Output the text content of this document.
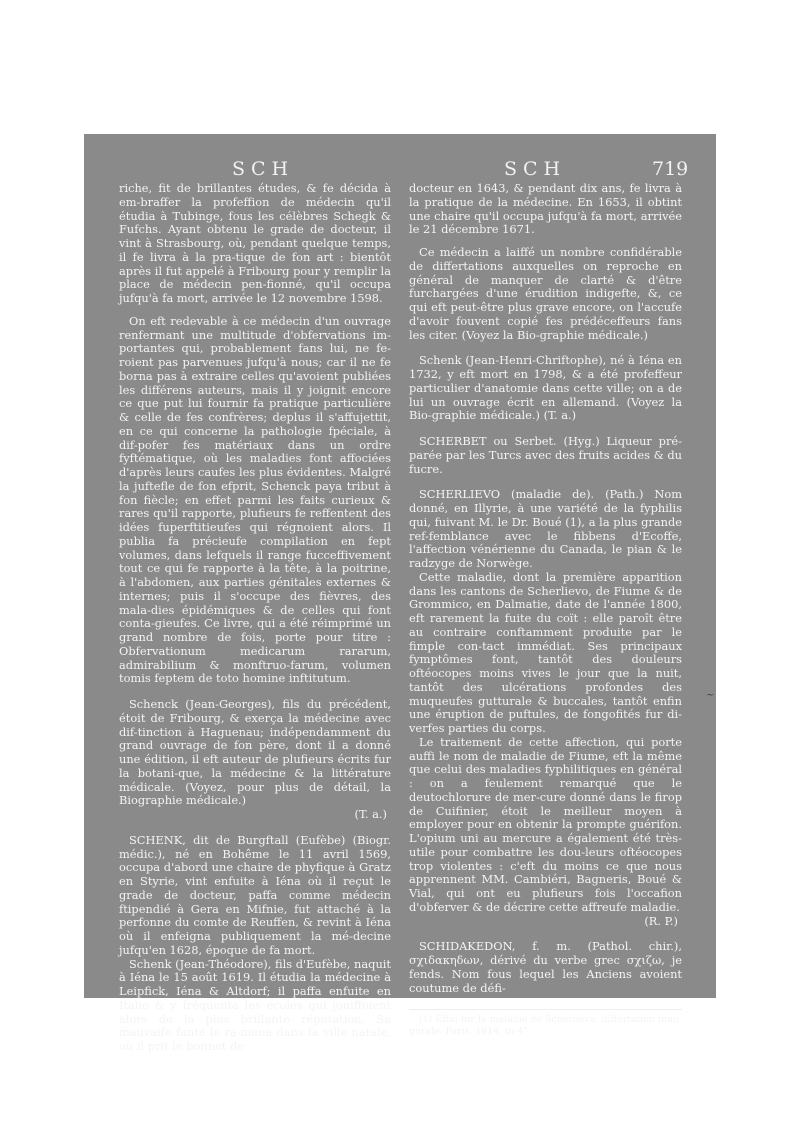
SCH	SCH	719

riche, fit de brillantes études, & fe décida à em-braffer la profeffion de médecin qu'il étudia à Tubinge, fous les célèbres Schegk & Fufchs. Ayant obtenu le grade de docteur, il vint à Strasbourg, où, pendant quelque temps, il fe livra à la pra-tique de fon art : bientôt après il fut appelé à Fribourg pour y remplir la place de médecin pen-fionné, qu'il occupa jufqu'à fa mort, arrivée le 12 novembre 1598.

On eft redevable à ce médecin d'un ouvrage renfermant une multitude d'obfervations im-portantes qui, probablement fans lui, ne fe-roient pas parvenues jufqu'à nous; car il ne fe borna pas à extraire celles qu'avoient publiées les différens auteurs, mais il y joignit encore ce que put lui fournir fa pratique particulière & celle de fes confrères; deplus il s'affujettit, en ce qui concerne la pathologie fpéciale, à dif-pofer fes matériaux dans un ordre fyftématique, où les maladies font affociées d'après leurs caufes les plus évidentes. Malgré la juftefle de fon efprit, Schenck paya tribut à fon fiècle; en effet parmi les faits curieux & rares qu'il rapporte, plufieurs fe reffentent des idées fuperftitieufes qui régnoient alors. Il publia fa précieufe compilation en fept volumes, dans lefquels il range fucceffivement tout ce qui fe rapporte à la tête, à la poitrine, à l'abdomen, aux parties génitales externes & internes; puis il s'occupe des fièvres, des mala-dies épidémiques & de celles qui font conta-gieufes. Ce livre, qui a été réimprimé un grand nombre de fois, porte pour titre : Obfervationum medicarum rararum, admirabilium & monftruo-farum, volumen tomis feptem de toto homine inftitutum.

Schenck (Jean-Georges), fils du précédent, étoit de Fribourg, & exerça la médecine avec dif-tinction à Haguenau; indépendamment du grand ouvrage de fon père, dont il a donné une édition, il eft auteur de plufieurs écrits fur la botani-que, la médecine & la littérature médicale. (Voyez, pour plus de détail, la Biographie médicale.)

(T. a.)

SCHENK, dit de Burgftall (Eufèbe) (Biogr. médic.), né en Bohême le 11 avril 1569, occupa d'abord une chaire de phyfique à Gratz en Styrie, vint enfuite à Iéna où il reçut le grade de docteur, paffa comme médecin ftipendié à Gera en Mifnie, fut attaché à la perfonne du comte de Reuffen, & revint à Iéna où il enfeigna publiquement la mé-decine jufqu'en 1628, époque de fa mort.

Schenk (Jean-Théodore), fils d'Eufèbe, naquit à Iéna le 15 août 1619. Il étudia la médecine à Leipfick, Iéna & Altdorf; il paffa enfuite en Italie & y fréquenta les écoles qui jouiffoient alors de la plus brillante réputation. Sa mauvaife fanté le ra-mena dans fa ville natale, où il prit le bonnet de

docteur en 1643, & pendant dix ans, fe livra à la pratique de la médecine. En 1653, il obtint une chaire qu'il occupa jufqu'à fa mort, arrivée le 21 décembre 1671.

Ce médecin a laiffé un nombre confidérable de differtations auxquelles on reproche en général de manquer de clarté & d'être furchargées d'une érudition indigefte, &, ce qui eft peut-être plus grave encore, on l'accufe d'avoir fouvent copié fes prédéceffeurs fans les citer. (Voyez la Bio-graphie médicale.)

Schenk (Jean-Henri-Chriftophe), né à Iéna en 1732, y eft mort en 1798, & a été profeffeur particulier d'anatomie dans cette ville; on a de lui un ouvrage écrit en allemand. (Voyez la Bio-graphie médicale.) (T. a.)

SCHERBET ou Serbet. (Hyg.) Liqueur pré-parée par les Turcs avec des fruits acides & du fucre.

SCHERLIEVO (maladie de). (Path.) Nom donné, en Illyrie, à une variété de la fyphilis qui, fuivant M. le Dr. Boué (1), a la plus grande ref-femblance avec le fibbens d'Ecoffe, l'affection vénérienne du Canada, le pian & le radzyge de Norwège.

Cette maladie, dont la première apparition dans les cantons de Scherlievo, de Fiume & de Grommico, en Dalmatie, date de l'année 1800, eft rarement la fuite du coït : elle paroît être au contraire conftamment produite par le fimple con-tact immédiat. Ses principaux fymptômes font, tantôt des douleurs oftéocopes moins vives le jour que la nuit, tantôt des ulcérations profondes des muqueufes gutturale & buccales, tantôt enfin une éruption de puftules, de fongofités fur di-verfes parties du corps.

Le traitement de cette affection, qui porte auffi le nom de maladie de Fiume, eft la même que celui des maladies fyphilitiques en général : on a feulement remarqué que le deutochlorure de mer-cure donné dans le firop de Cuifinier, étoit le meilleur moyen à employer pour en obtenir la prompte guérifon. L'opium uni au mercure a également été très-utile pour combattre les dou-leurs oftéocopes trop violentes : c'eft du moins ce que nous apprennent MM. Cambiéri, Bagneris, Boué & Vial, qui ont eu plufieurs fois l'occafion d'obferver & de décrire cette affreufe maladie.

(R. P.)

SCHIDAKEDON, f. m. (Pathol. chir.), σχιδακηδων, dérivé du verbe grec σχιζω, je fends. Nom fous lequel les Anciens avoient coutume de défi-

(1) Effai fur la maladie de Scherlievo, differtation inau-gurale. Paris, 1814, in-4°.

~
